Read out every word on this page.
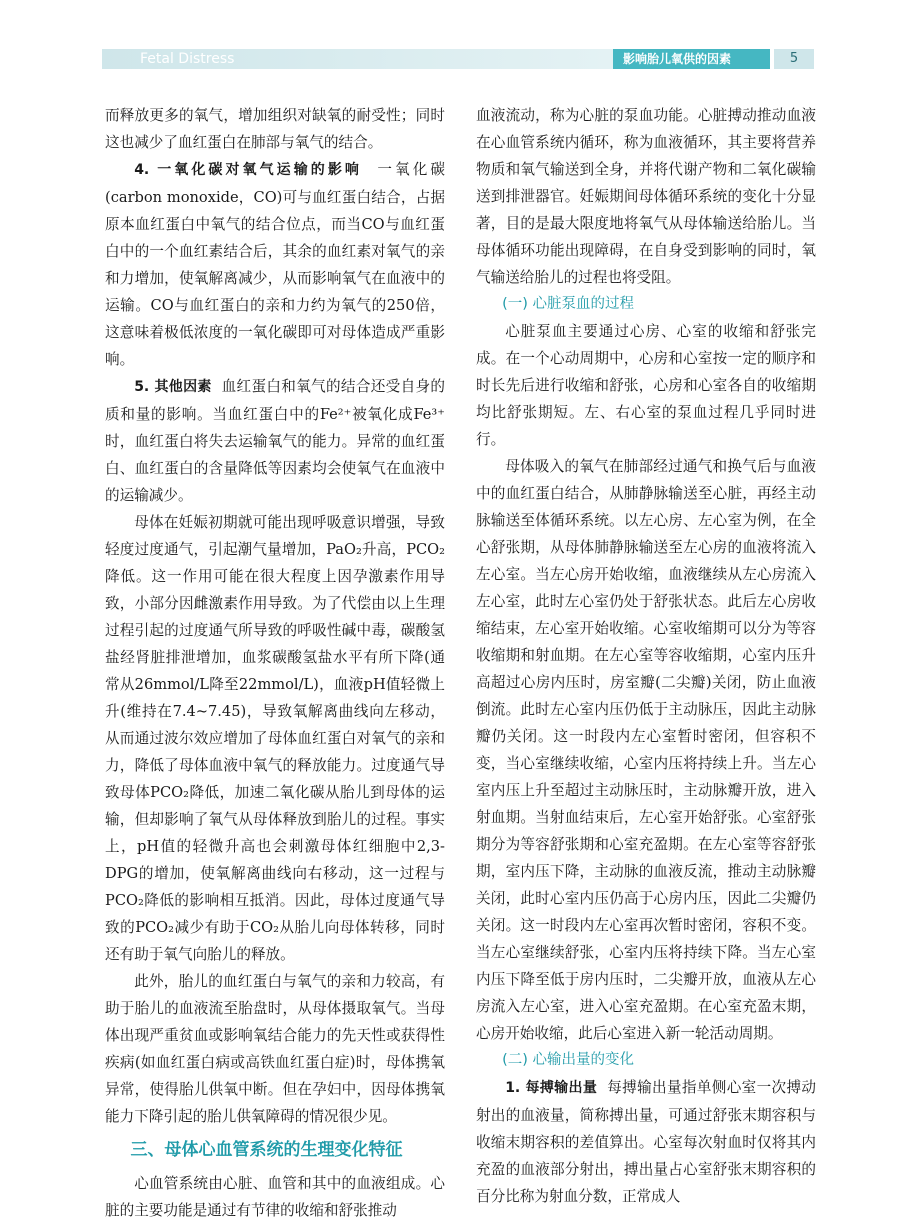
Fetal Distress	影响胎儿氧供的因素	5

而释放更多的氧气，增加组织对缺氧的耐受性；同时这也减少了血红蛋白在肺部与氧气的结合。

4. 一氧化碳对氧气运输的影响 一氧化碳(carbon monoxide，CO)可与血红蛋白结合，占据原本血红蛋白中氧气的结合位点，而当CO与血红蛋白中的一个血红素结合后，其余的血红素对氧气的亲和力增加，使氧解离减少，从而影响氧气在血液中的运输。CO与血红蛋白的亲和力约为氧气的250倍，这意味着极低浓度的一氧化碳即可对母体造成严重影响。

5. 其他因素 血红蛋白和氧气的结合还受自身的质和量的影响。当血红蛋白中的Fe²⁺被氧化成Fe³⁺时，血红蛋白将失去运输氧气的能力。异常的血红蛋白、血红蛋白的含量降低等因素均会使氧气在血液中的运输减少。

母体在妊娠初期就可能出现呼吸意识增强，导致轻度过度通气，引起潮气量增加，PaO₂升高，PCO₂降低。这一作用可能在很大程度上因孕激素作用导致，小部分因雌激素作用导致。为了代偿由以上生理过程引起的过度通气所导致的呼吸性碱中毒，碳酸氢盐经肾脏排泄增加，血浆碳酸氢盐水平有所下降(通常从26mmol/L降至22mmol/L)，血液pH值轻微上升(维持在7.4~7.45)，导致氧解离曲线向左移动，从而通过波尔效应增加了母体血红蛋白对氧气的亲和力，降低了母体血液中氧气的释放能力。过度通气导致母体PCO₂降低，加速二氧化碳从胎儿到母体的运输，但却影响了氧气从母体释放到胎儿的过程。事实上，pH值的轻微升高也会刺激母体红细胞中2,3-DPG的增加，使氧解离曲线向右移动，这一过程与PCO₂降低的影响相互抵消。因此，母体过度通气导致的PCO₂减少有助于CO₂从胎儿向母体转移，同时还有助于氧气向胎儿的释放。

此外，胎儿的血红蛋白与氧气的亲和力较高，有助于胎儿的血液流至胎盘时，从母体摄取氧气。当母体出现严重贫血或影响氧结合能力的先天性或获得性疾病(如血红蛋白病或高铁血红蛋白症)时，母体携氧异常，使得胎儿供氧中断。但在孕妇中，因母体携氧能力下降引起的胎儿供氧障碍的情况很少见。

三、母体心血管系统的生理变化特征

心血管系统由心脏、血管和其中的血液组成。心脏的主要功能是通过有节律的收缩和舒张推动

血液流动，称为心脏的泵血功能。心脏搏动推动血液在心血管系统内循环，称为血液循环，其主要将营养物质和氧气输送到全身，并将代谢产物和二氧化碳输送到排泄器官。妊娠期间母体循环系统的变化十分显著，目的是最大限度地将氧气从母体输送给胎儿。当母体循环功能出现障碍，在自身受到影响的同时，氧气输送给胎儿的过程也将受阻。

(一) 心脏泵血的过程

心脏泵血主要通过心房、心室的收缩和舒张完成。在一个心动周期中，心房和心室按一定的顺序和时长先后进行收缩和舒张，心房和心室各自的收缩期均比舒张期短。左、右心室的泵血过程几乎同时进行。

母体吸入的氧气在肺部经过通气和换气后与血液中的血红蛋白结合，从肺静脉输送至心脏，再经主动脉输送至体循环系统。以左心房、左心室为例，在全心舒张期，从母体肺静脉输送至左心房的血液将流入左心室。当左心房开始收缩，血液继续从左心房流入左心室，此时左心室仍处于舒张状态。此后左心房收缩结束，左心室开始收缩。心室收缩期可以分为等容收缩期和射血期。在左心室等容收缩期，心室内压升高超过心房内压时，房室瓣(二尖瓣)关闭，防止血液倒流。此时左心室内压仍低于主动脉压，因此主动脉瓣仍关闭。这一时段内左心室暂时密闭，但容积不变，当心室继续收缩，心室内压将持续上升。当左心室内压上升至超过主动脉压时，主动脉瓣开放，进入射血期。当射血结束后，左心室开始舒张。心室舒张期分为等容舒张期和心室充盈期。在左心室等容舒张期，室内压下降，主动脉的血液反流，推动主动脉瓣关闭，此时心室内压仍高于心房内压，因此二尖瓣仍关闭。这一时段内左心室再次暂时密闭，容积不变。当左心室继续舒张，心室内压将持续下降。当左心室内压下降至低于房内压时，二尖瓣开放，血液从左心房流入左心室，进入心室充盈期。在心室充盈末期，心房开始收缩，此后心室进入新一轮活动周期。

(二) 心输出量的变化

1. 每搏输出量 每搏输出量指单侧心室一次搏动射出的血液量，简称搏出量，可通过舒张末期容积与收缩末期容积的差值算出。心室每次射血时仅将其内充盈的血液部分射出，搏出量占心室舒张末期容积的百分比称为射血分数，正常成人
